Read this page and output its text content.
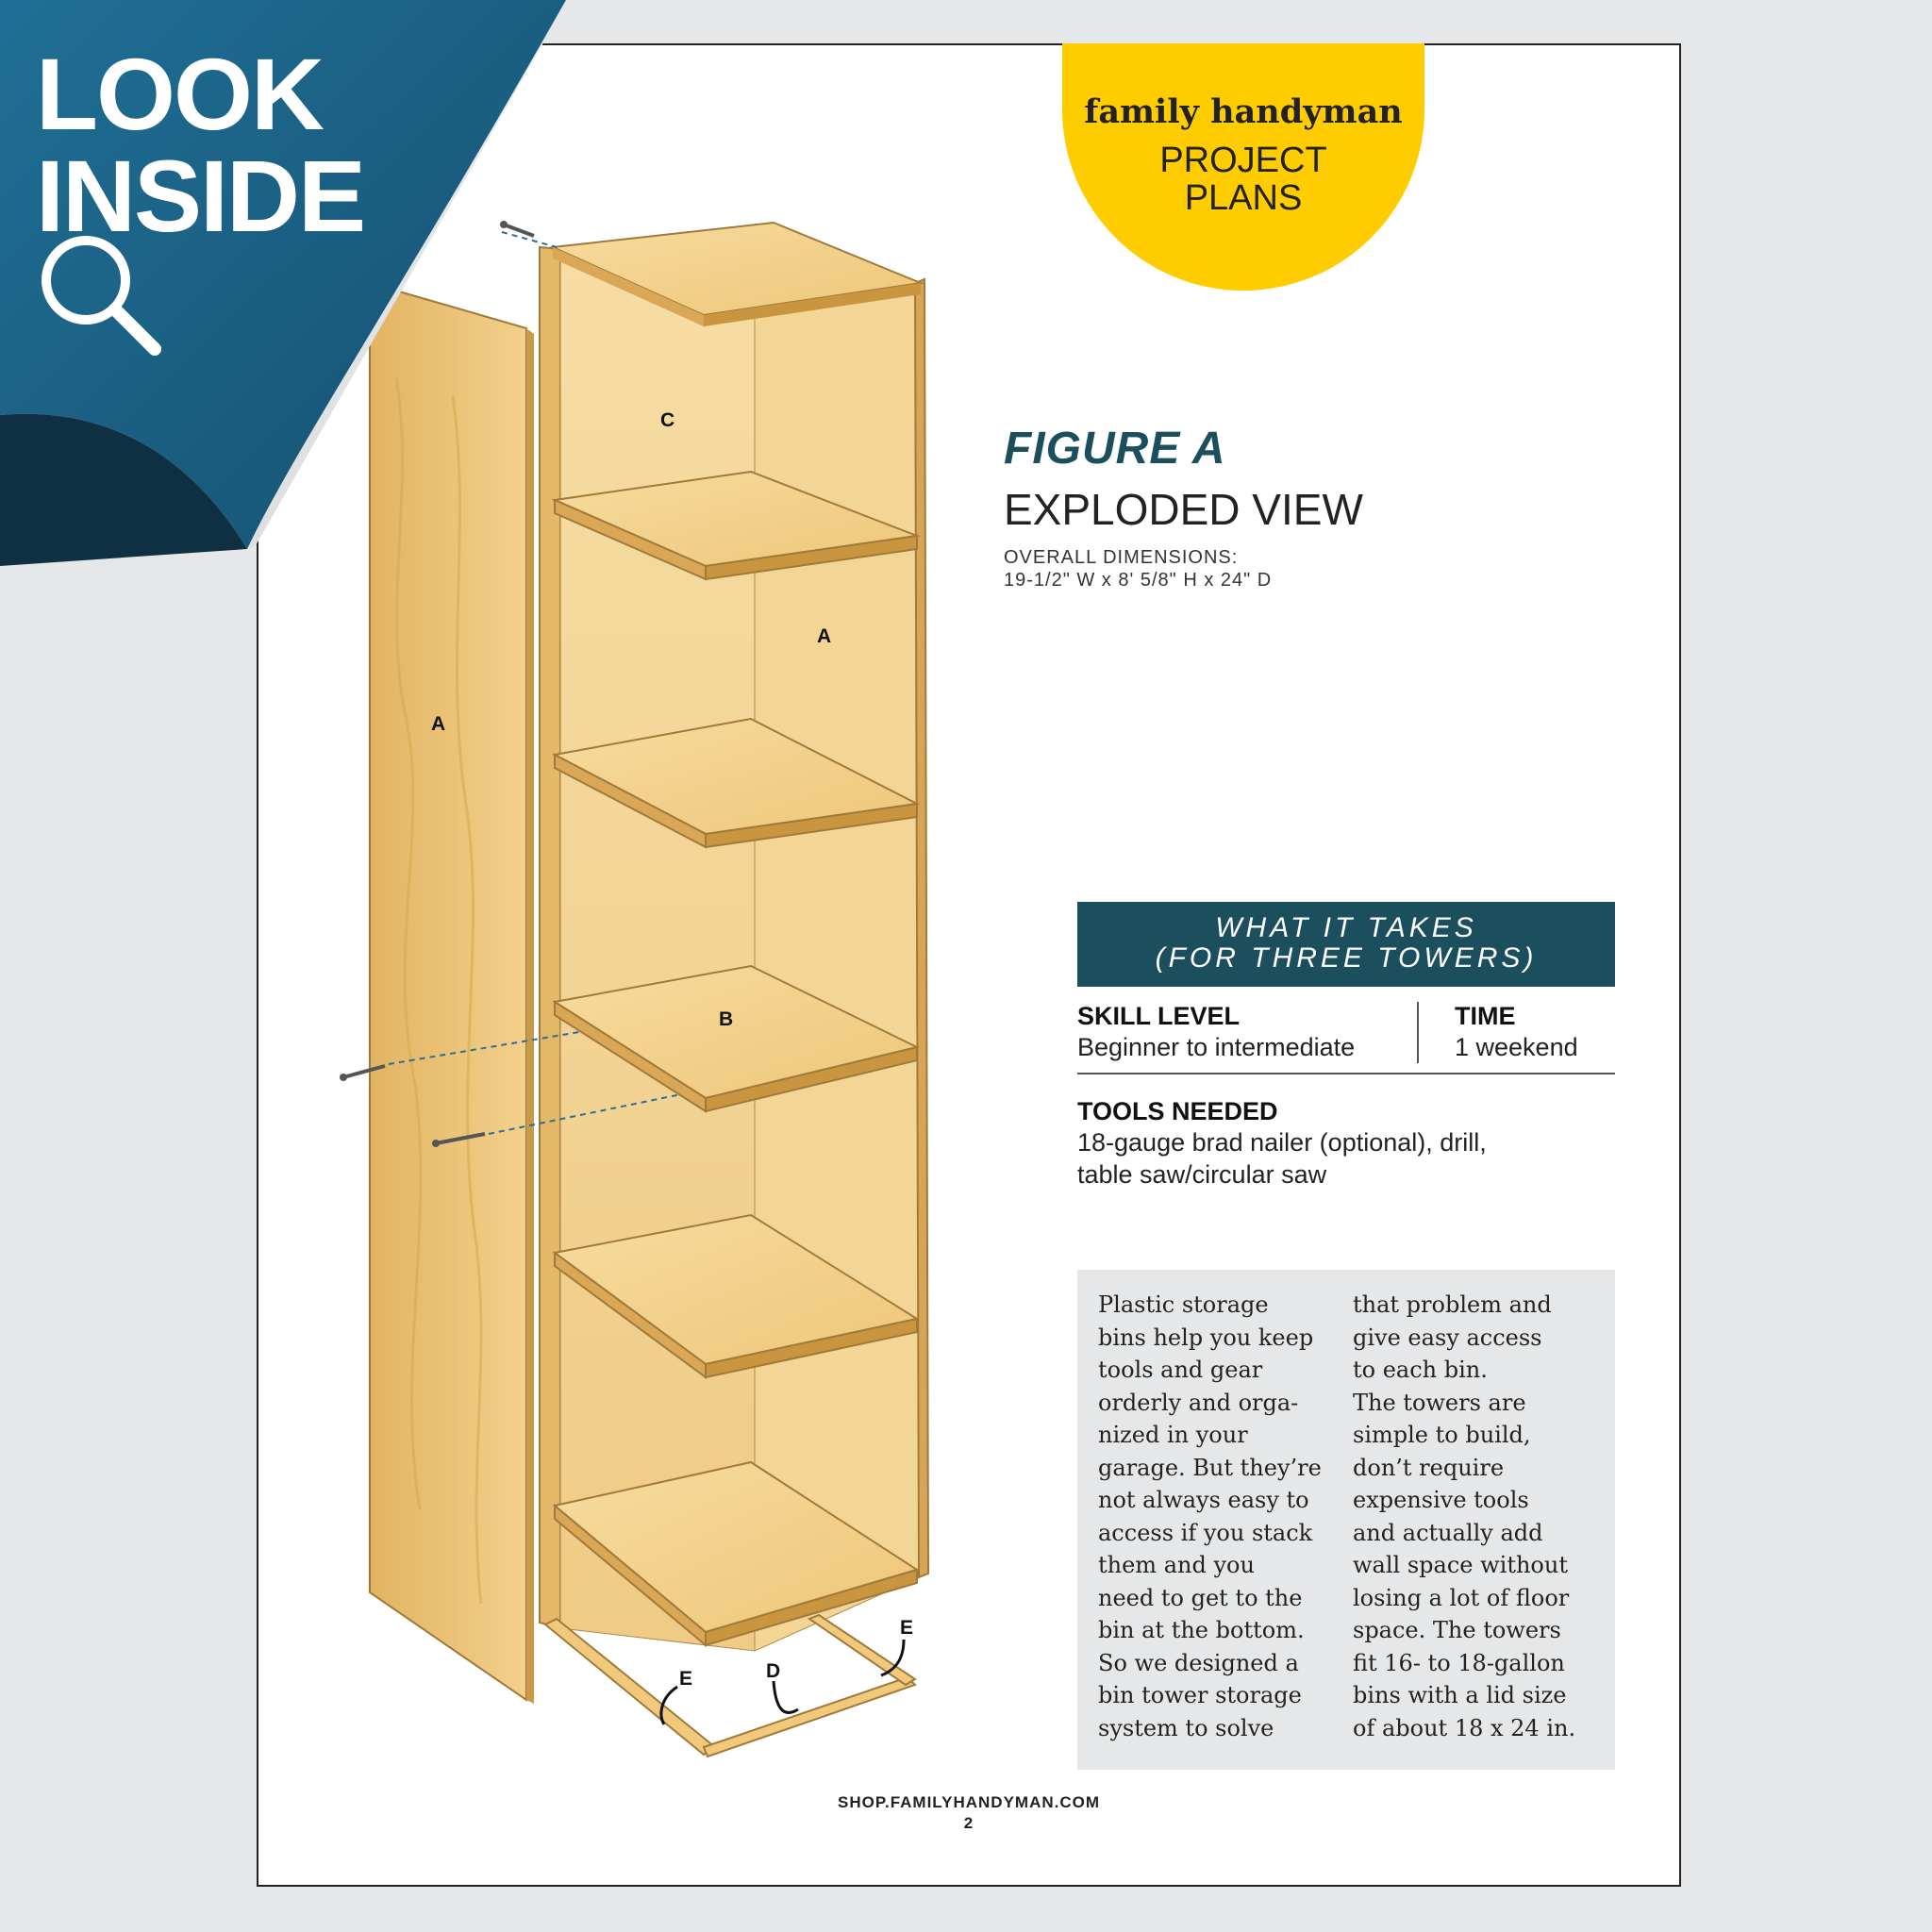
family handyman
PROJECT
PLANS
FIGURE A
EXPLODED VIEW
OVERALL DIMENSIONS:
19-1/2" W x 8' 5/8" H x 24" D
WHAT IT TAKES
(FOR THREE TOWERS)
SKILL LEVEL
Beginner to intermediate
TIME
1 weekend
TOOLS NEEDED
18-gauge brad nailer (optional), drill,
table saw/circular saw
Plastic storage
bins help you keep
tools and gear
orderly and orga-
nized in your
garage. But they’re
not always easy to
access if you stack
them and you
need to get to the
bin at the bottom.
So we designed a
bin tower storage
system to solve
that problem and
give easy access
to each bin.
The towers are
simple to build,
don’t require
expensive tools
and actually add
wall space without
losing a lot of floor
space. The towers
fit 16- to 18-gallon
bins with a lid size
of about 18 x 24 in.
SHOP.FAMILYHANDYMAN.COM
2
A
A
B
C
D
E
E
LOOK
INSIDE
